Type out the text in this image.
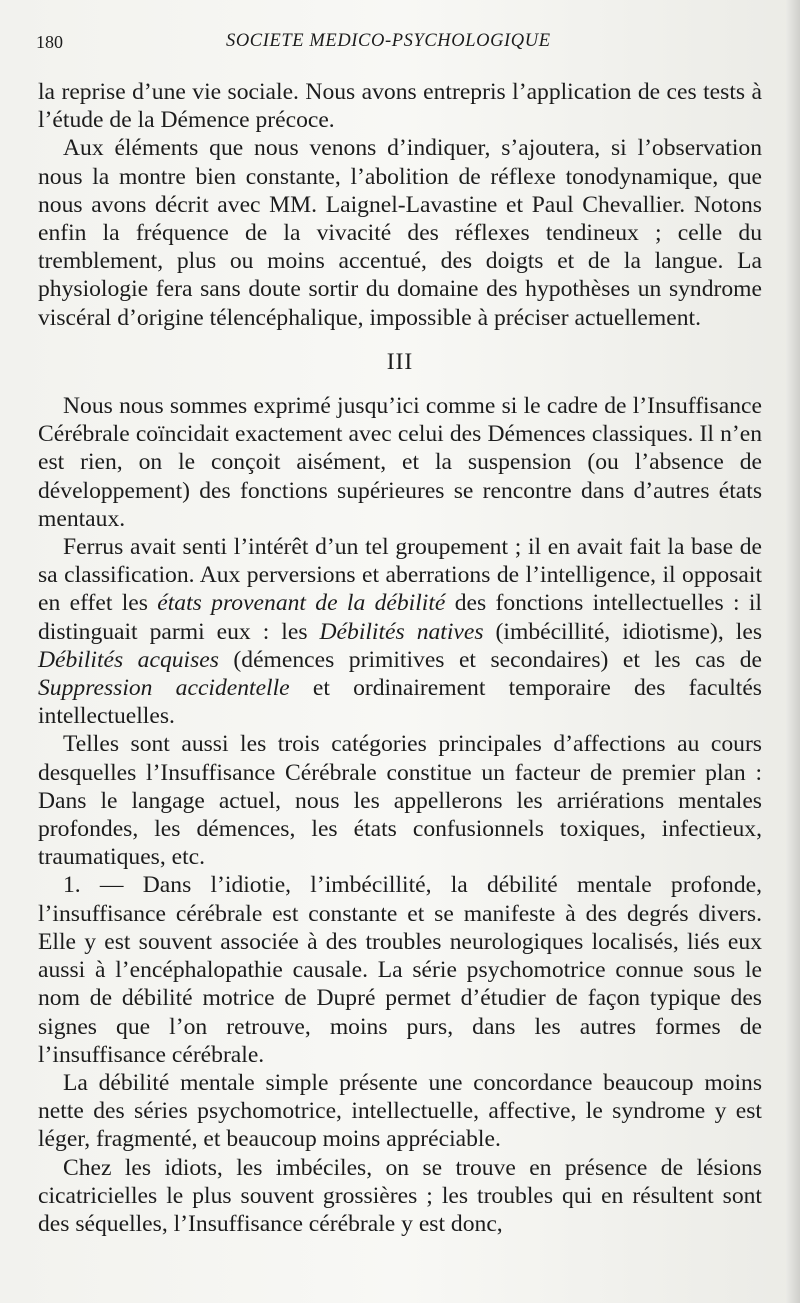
180	SOCIETE MEDICO-PSYCHOLOGIQUE

la reprise d’une vie sociale. Nous avons entrepris l’application de ces tests à l’étude de la Démence précoce.

Aux éléments que nous venons d’indiquer, s’ajoutera, si l’observation nous la montre bien constante, l’abolition de réflexe tonodynamique, que nous avons décrit avec MM. Laignel-Lavastine et Paul Chevallier. Notons enfin la fréquence de la vivacité des réflexes tendineux ; celle du tremblement, plus ou moins accentué, des doigts et de la langue. La physiologie fera sans doute sortir du domaine des hypothèses un syndrome viscéral d’origine télencéphalique, impossible à préciser actuellement.

III

Nous nous sommes exprimé jusqu’ici comme si le cadre de l’Insuffisance Cérébrale coïncidait exactement avec celui des Démences classiques. Il n’en est rien, on le conçoit aisément, et la suspension (ou l’absence de développement) des fonctions supérieures se rencontre dans d’autres états mentaux.

Ferrus avait senti l’intérêt d’un tel groupement ; il en avait fait la base de sa classification. Aux perversions et aberrations de l’intelligence, il opposait en effet les états provenant de la débilité des fonctions intellectuelles : il distinguait parmi eux : les Débilités natives (imbécillité, idiotisme), les Débilités acquises (démences primitives et secondaires) et les cas de Suppression accidentelle et ordinairement temporaire des facultés intellectuelles.

Telles sont aussi les trois catégories principales d’affections au cours desquelles l’Insuffisance Cérébrale constitue un facteur de premier plan : Dans le langage actuel, nous les appellerons les arriérations mentales profondes, les démences, les états confusionnels toxiques, infectieux, traumatiques, etc.

1. — Dans l’idiotie, l’imbécillité, la débilité mentale profonde, l’insuffisance cérébrale est constante et se manifeste à des degrés divers. Elle y est souvent associée à des troubles neurologiques localisés, liés eux aussi à l’encéphalopathie causale. La série psychomotrice connue sous le nom de débilité motrice de Dupré permet d’étudier de façon typique des signes que l’on retrouve, moins purs, dans les autres formes de l’insuffisance cérébrale.

La débilité mentale simple présente une concordance beaucoup moins nette des séries psychomotrice, intellectuelle, affective, le syndrome y est léger, fragmenté, et beaucoup moins appréciable.

Chez les idiots, les imbéciles, on se trouve en présence de lésions cicatricielles le plus souvent grossières ; les troubles qui en résultent sont des séquelles, l’Insuffisance cérébrale y est donc,
